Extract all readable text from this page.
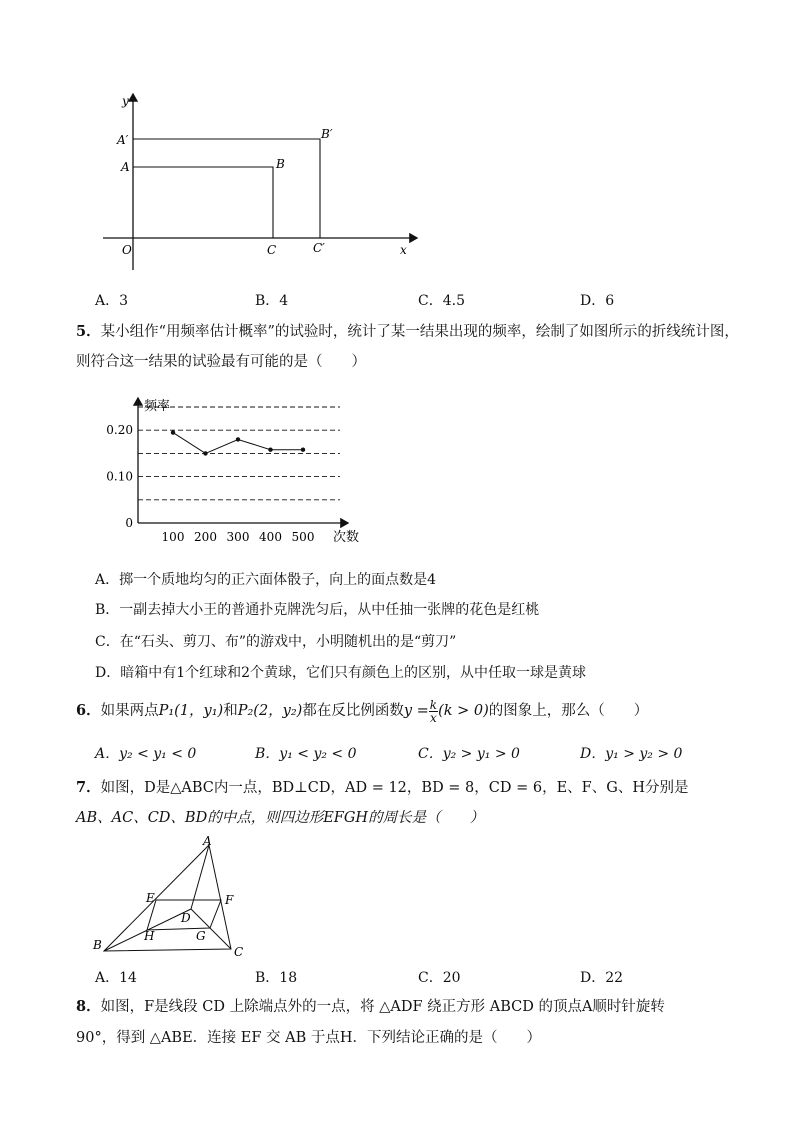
y
A′	B′
A	B
O	C	C′	x
A．3	B．4	C．4.5	D．6
5．某小组作“用频率估计概率”的试验时，统计了某一结果出现的频率，绘制了如图所示的折线统计图，
则符合这一结果的试验最有可能的是（　　）
频率
次数
0
0.10
0.20
100 200 300 400 500
A．掷一个质地均匀的正六面体骰子，向上的面点数是4
B．一副去掉大小王的普通扑克牌洗匀后，从中任抽一张牌的花色是红桃
C．在“石头、剪刀、布”的游戏中，小明随机出的是“剪刀”
D．暗箱中有1个红球和2个黄球，它们只有颜色上的区别，从中任取一球是黄球
6．如果两点P₁(1，y₁)和P₂(2，y₂)都在反比例函数$y = \frac{k}{x} (k > 0)$的图象上，那么（　　）
A．y₂ < y₁ < 0	B．y₁ < y₂ < 0	C．y₂ > y₁ > 0	D．y₁ > y₂ > 0
7．如图，D是△ABC内一点，BD⊥CD，AD = 12，BD = 8，CD = 6，E、F、G、H分别是
AB、AC、CD、BD的中点，则四边形EFGH的周长是（　　）
A
E	F
D
H	G
B	C
A．14	B．18	C．20	D．22
8．如图，F是线段 CD 上除端点外的一点，将 △ADF 绕正方形 ABCD 的顶点A顺时针旋转
90°，得到 △ABE．连接 EF 交 AB 于点H．下列结论正确的是（　　）
